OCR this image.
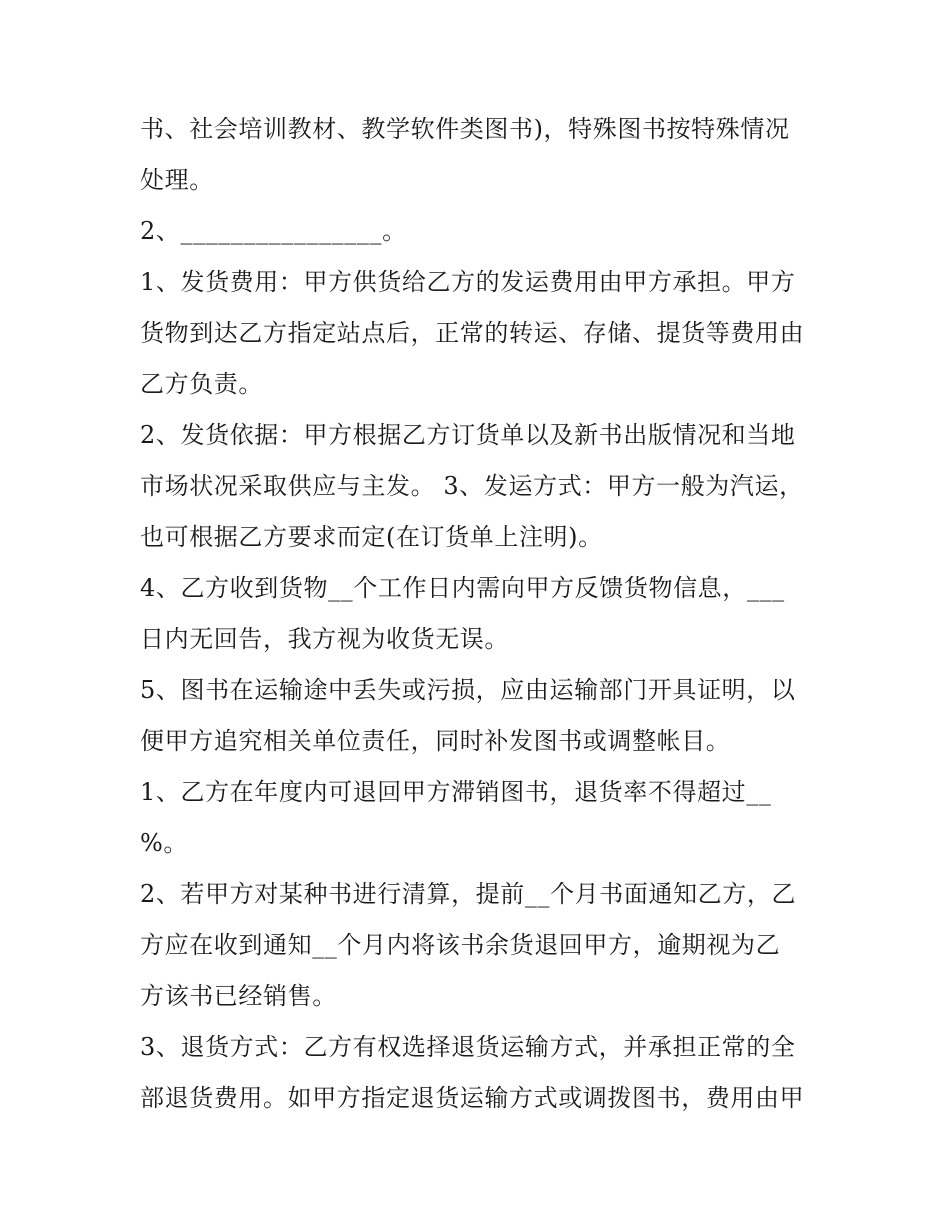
书、社会培训教材、教学软件类图书)，特殊图书按特殊情况
处理。
2、________________。
1、发货费用：甲方供货给乙方的发运费用由甲方承担。甲方
货物到达乙方指定站点后，正常的转运、存储、提货等费用由
乙方负责。
2、发货依据：甲方根据乙方订货单以及新书出版情况和当地
市场状况采取供应与主发。 3、发运方式：甲方一般为汽运，
也可根据乙方要求而定(在订货单上注明)。
4、乙方收到货物__个工作日内需向甲方反馈货物信息，___
日内无回告，我方视为收货无误。
5、图书在运输途中丢失或污损，应由运输部门开具证明，以
便甲方追究相关单位责任，同时补发图书或调整帐目。
1、乙方在年度内可退回甲方滞销图书，退货率不得超过__
%。
2、若甲方对某种书进行清算，提前__个月书面通知乙方，乙
方应在收到通知__个月内将该书余货退回甲方，逾期视为乙
方该书已经销售。
3、退货方式：乙方有权选择退货运输方式，并承担正常的全
部退货费用。如甲方指定退货运输方式或调拨图书，费用由甲
